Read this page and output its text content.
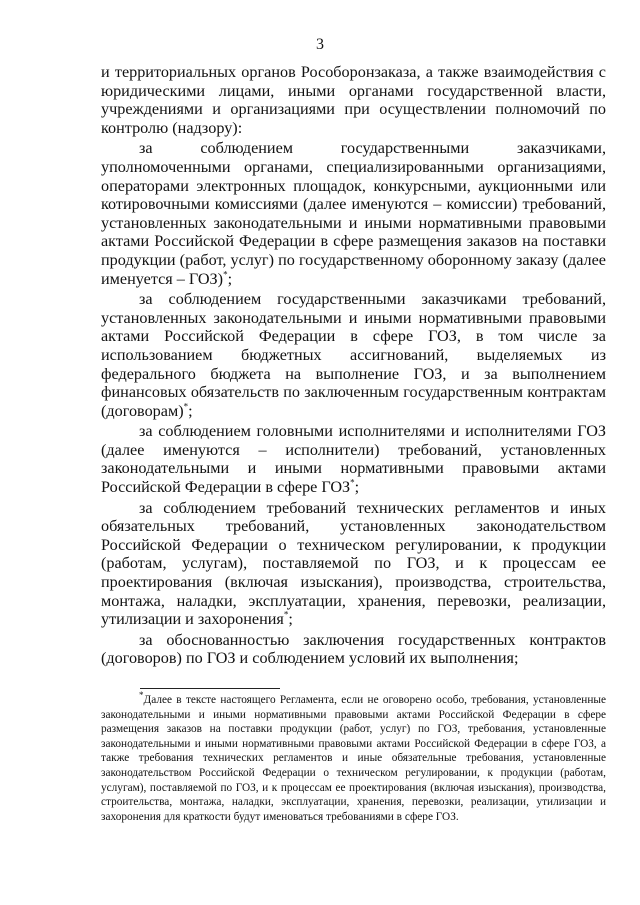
3

и территориальных органов Рособоронзаказа, а также взаимодействия с юридическими лицами, иными органами государственной власти, учреждениями и организациями при осуществлении полномочий по контролю (надзору):

за соблюдением государственными заказчиками, уполномоченными органами, специализированными организациями, операторами электронных площадок, конкурсными, аукционными или котировочными комиссиями (далее именуются – комиссии) требований, установленных законодательными и иными нормативными правовыми актами Российской Федерации в сфере размещения заказов на поставки продукции (работ, услуг) по государственному оборонному заказу (далее именуется – ГОЗ)*;

за соблюдением государственными заказчиками требований, установленных законодательными и иными нормативными правовыми актами Российской Федерации в сфере ГОЗ, в том числе за использованием бюджетных ассигнований, выделяемых из федерального бюджета на выполнение ГОЗ, и за выполнением финансовых обязательств по заключенным государственным контрактам (договорам)*;

за соблюдением головными исполнителями и исполнителями ГОЗ (далее именуются – исполнители) требований, установленных законодательными и иными нормативными правовыми актами Российской Федерации в сфере ГОЗ*;

за соблюдением требований технических регламентов и иных обязательных требований, установленных законодательством Российской Федерации о техническом регулировании, к продукции (работам, услугам), поставляемой по ГОЗ, и к процессам ее проектирования (включая изыскания), производства, строительства, монтажа, наладки, эксплуатации, хранения, перевозки, реализации, утилизации и захоронения*;

за обоснованностью заключения государственных контрактов (договоров) по ГОЗ и соблюдением условий их выполнения;

*Далее в тексте настоящего Регламента, если не оговорено особо, требования, установленные законодательными и иными нормативными правовыми актами Российской Федерации в сфере размещения заказов на поставки продукции (работ, услуг) по ГОЗ, требования, установленные законодательными и иными нормативными правовыми актами Российской Федерации в сфере ГОЗ, а также требования технических регламентов и иные обязательные требования, установленные законодательством Российской Федерации о техническом регулировании, к продукции (работам, услугам), поставляемой по ГОЗ, и к процессам ее проектирования (включая изыскания), производства, строительства, монтажа, наладки, эксплуатации, хранения, перевозки, реализации, утилизации и захоронения для краткости будут именоваться требованиями в сфере ГОЗ.
